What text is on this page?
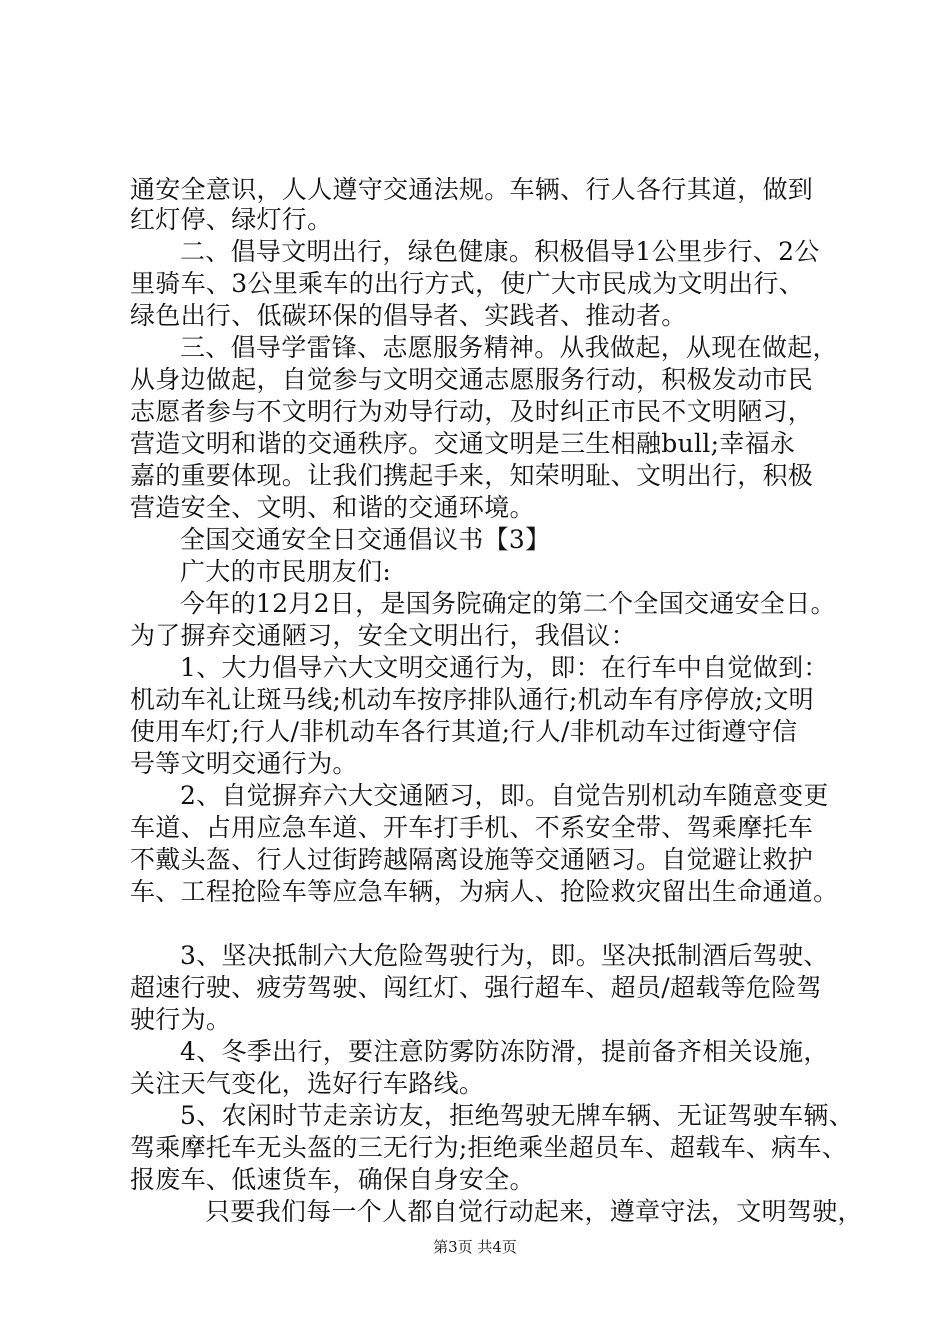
通安全意识，人人遵守交通法规。车辆、行人各行其道，做到
红灯停、绿灯行。
二、倡导文明出行，绿色健康。积极倡导1公里步行、2公
里骑车、3公里乘车的出行方式，使广大市民成为文明出行、
绿色出行、低碳环保的倡导者、实践者、推动者。
三、倡导学雷锋、志愿服务精神。从我做起，从现在做起，
从身边做起，自觉参与文明交通志愿服务行动，积极发动市民
志愿者参与不文明行为劝导行动，及时纠正市民不文明陋习，
营造文明和谐的交通秩序。交通文明是三生相融bull;幸福永
嘉的重要体现。让我们携起手来，知荣明耻、文明出行，积极
营造安全、文明、和谐的交通环境。
全国交通安全日交通倡议书【3】
广大的市民朋友们:
今年的12月2日，是国务院确定的第二个全国交通安全日。
为了摒弃交通陋习，安全文明出行，我倡议：
1、大力倡导六大文明交通行为，即：在行车中自觉做到：
机动车礼让斑马线;机动车按序排队通行;机动车有序停放;文明
使用车灯;行人/非机动车各行其道;行人/非机动车过街遵守信
号等文明交通行为。
2、自觉摒弃六大交通陋习，即。自觉告别机动车随意变更
车道、占用应急车道、开车打手机、不系安全带、驾乘摩托车
不戴头盔、行人过街跨越隔离设施等交通陋习。自觉避让救护
车、工程抢险车等应急车辆，为病人、抢险救灾留出生命通道。
3、坚决抵制六大危险驾驶行为，即。坚决抵制酒后驾驶、
超速行驶、疲劳驾驶、闯红灯、强行超车、超员/超载等危险驾
驶行为。
4、冬季出行，要注意防雾防冻防滑，提前备齐相关设施，
关注天气变化，选好行车路线。
5、农闲时节走亲访友，拒绝驾驶无牌车辆、无证驾驶车辆、
驾乘摩托车无头盔的三无行为;拒绝乘坐超员车、超载车、病车、
报废车、低速货车，确保自身安全。
只要我们每一个人都自觉行动起来，遵章守法，文明驾驶，
第3页 共4页
